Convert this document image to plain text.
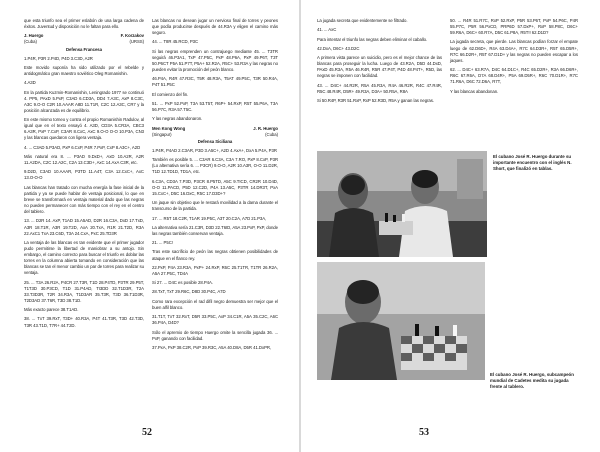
que esta triunfo sea el primer eslabón de una larga cadena de éxitos. Juventud y disposición no le faltan para ello.

J. Huergo	F. Korzakov
(Cuba)	(URSS)

Defensa Francesa

1.P4R, P3R 2.P4D, P4D 3.C3D, A2R

Este movido suponía ha sido utilizado por el rebelde y antidogmático gran maestro soviético Oleg Romanishin.

4.A3D

En la partida Kuzmin-Romanishin, Leningrado 1977 se continuó 4. PP5, PAxD 5.PxP, C3AD 6.CD3A, DD4 7.A3C, AxP 8.C3C, A3C 9.O-O C2R 10.AAAR A8D 11.T1R, C2C 12.A3C, CR7 y la posición alcanzada es de equilibrio.

En este mismo torneo y contra el propio Romanishin Radulov, al igual que en el texto ensayó 4. A3D, CD3A 5.CR3A, CBC3 6.A3R, PxP 7.CxP, C3AR 8.CxC, AxC 9.O-O O-O 10.P3A, CN3 y las blancas quedaron con ligera ventaja.

4. ... C3AD 5.P3AD, PxP 6.CxP, P4R 7.PxP, CxP 8.A3C+, A2D

Más natural era 8. ... P3AD 9.DxD+, AxD 10.A2R, A2R 11.A2DA, C2C 12.A2C, C2A 13.C3D+, AxC 14.AxA C3R, etc.

9.D2D, C3AD 10.AAAR, P3TD 11.A4T, C3A 12.CxC+, AxC 13.O-O-O

Las blancas han tratado con mucha energía la fase inicial de la partida y ya se puede hablar de ventaja posicional, lo que en breve se transformará en ventaja material dado que las negras no pueden permanecer con más tiempo con el rey en el centro del tablero.

13. ... D2R 14. AxP, T1AD 15.A5AD, D2R 16.C3A, DxD 17.TxD, A3R 18.T1R, A3R 19.T2D, AxA 20.TxA, R1R 21.T2D, R3A 22.AxC1 TxA 23.C6D, T3A 24.CxA, PxC 25.TD3R

La ventaja de las blancas es tan evidente que el primer jugador pudo permitirse la libertad de maniobrar a su antojo. Sin embargo, el camino correcto para buscar el triunfo es doblar las torres en la columna abierta tomando en consideración que las blancas se tan el menor cambio un par de torres para realizar su ventaja.

25. ... T3A 26.R2A, P4CR 27.T3R, T1D 28.P4TD, P3TR 29.P5T, T1T3D 30.P3CD, T1D 31.P4AD, TI3DD 32.T1D3R, T2A 33.T3D3R, T2R 34.R3A, T1D3AR 35.T3R, T3D 36.T1D3R, T2D3AD 37.T6R, T3D 38.T1D.

Más exacto parece 38.T1AD.

38. ... TxT 39.RxT, T3D+ 40.R3A, P4T 41.T3R, T3D 42.T3D, T3R 43.T1D, T7R+ 44.T2D.

Las blancas no desean jugar un nervioso final de torres y peones que podía producirse después de 44.R3A y eligen el camino más seguro.

44. ... T8R 45.RCD, P3C

Si las negras emprenden un contrajuego mediante 45. ... T3TR seguirá 46.P3A1, TxP 47.P5C, PxP 48.P6A, PxP 49.P6T, T3T 50.P6CT P5A 51.P7T, P5A+ 52.R2A, R5C+ 53.R3A y las negras no pueden evitar la promoción del peón blanco.

46.P4A, R4R 47.R3C, T5R 48.R3A, T5AT 49.P5C, T3R 50.R4A, P4T 51.P5C

El comienzo del fin.

51. ... PxP 52.PxP, T3A 53.T5T, R6P+ 54.RxP, R5T 55.P6A, T3A 56.P7C, R3A 57.T5C.

Y las negras abandonaron.

Men Kong Wong	J. R. Huergo
(Singapur)	(Cuba)

Defensa Siciliana

1.P4R, P4AD 2.C3AR, P3D 3.A5C+, A2D 4.AxA+, DxA 5.P4A, P3R

También es posible 5. ... C3AR 6.C3A, C3A 7.RO, PxP 8.CxP, P3R (Lo alternativa sería 6. ... P3CR) 9.O-O, A2R 10.A3R, O-O 11.D2R, T1D 12.TD1D, TD1A, etc.

6.C3A, CD3A 7.P3D, P3CR 8.P5TD, A5C 9.TICD, CR2R 10.D4D, O-O 11.PACD, P5D 12.C2D, P4A 13.A5C, P3TR 14.DR3T, PxA 15.CxC+, D5C 16.DxC, R5C 17.D3D+?

Un jaque sin objetivo que le restará movilidad a la dama durante el transcurso de la partida.

17. ... R5T 18.C2R, T1AR 19.P5C, A3T 20.C2A, A7D 21.P3A,

La alternativa sería 21.C3R, D3D 22.T6ID, A5A 23.PxP, PxP, donde las negras también conservan ventaja.

21. ... P5C!

Tras este sacrificio de peón las negras obtienen posibilidades de ataque en el flanco rey.

22.PxP, P4A 23.R3A, PxP+ 24.RxP, R6C 25.T1TR, T1TR 26.R2A, A5A 27.P5C, TD4A

Si 27. ... D4C es posible 28.P4A.

28.TxT, TxT 29.R6C, D8D 30.P4C, A7D

Como rara excepción el rad difil negro demuestra ser mejor que el buen alfil blanco.

31.T1T, TxT 32.RxT, D5R 33.P5C, AxP 34.C1R, A5A 35.C2C, A6C 36.P4A, D4D?

Sólo el apremio de tiempo Huergo omite la sencilla jugada 36. ... PxP, ganando con facilidad.

37.PxA, PxP 38.C2R, PxP 39.R3C, A5A 40.D8A, D5R 41.DxPR,

52

La jugada secreta que evidentemente se filtrado.

41. ... AxC

Para intentar el triunfo las negras deben eliminar el caballo.

42.DxA, D6C+ 43.D2C

A primera vista parece un suicidio, pero es el mejor chance de las blancas para proseguir la lucha. Luego de 43.R2A, D5D 44.DxD, PAxD 45.R3A, R5A 46.R4R, R5R 47.P4T, P4D 48.P4T+, R5D, las negras se imponen con facilidad.

43. ... D4C+ 44.R2R, R5A 45.R3A, R4A 46.R2R, R4C 47.R4R, R5C 48.R4R, D5R+ 49.R3A, D3A+ 50.R5A, R8A

Si 50.R4P, R3R 51.RxP, RxP 52.R3D, R5A y ganan las negras.

50. ... R4R 51.R7C, RxP 52.RxP, P5R 53.P6T, PxP 54.P6C, P4R 55.P7C, P5R 56.PxCD, PRP6D 57.DxP+, RxP 58.P8C, D6C+ 59.R6A, D6C+ 60.R7A, D5C 61.P8A, R5T!! 62.D1D?

La jugada secreta, que pierde. Las blancas podían forzar el empate luego de 62.D6D+, R4A 63.D4A+, R7C 64.D3R+, R5T 65.D5R+, R7C 66.D2R+, R5T 67.D1D+ y las negras no pueden escapar a los jaques.

62. ... D4C+ 63.R7A, D4C 64.D1C+, R4C 65.D2R+, R3A 66.D6R+, R6C 67.R6A, D7A 68.D4R+, P5A 69.D5R+, R6C 70.D1R+, R7C 71.R6A, D6C 72.D6A, R7T,

Y las blancas abandonan.

El cubano José R. Huergo durante su importante encuentro con el inglés N. Short, que finalizó en tablas.
El cubano José R. Huergo, subcampeón mundial de Cadetes medita su jugada frente al tablero.
53
